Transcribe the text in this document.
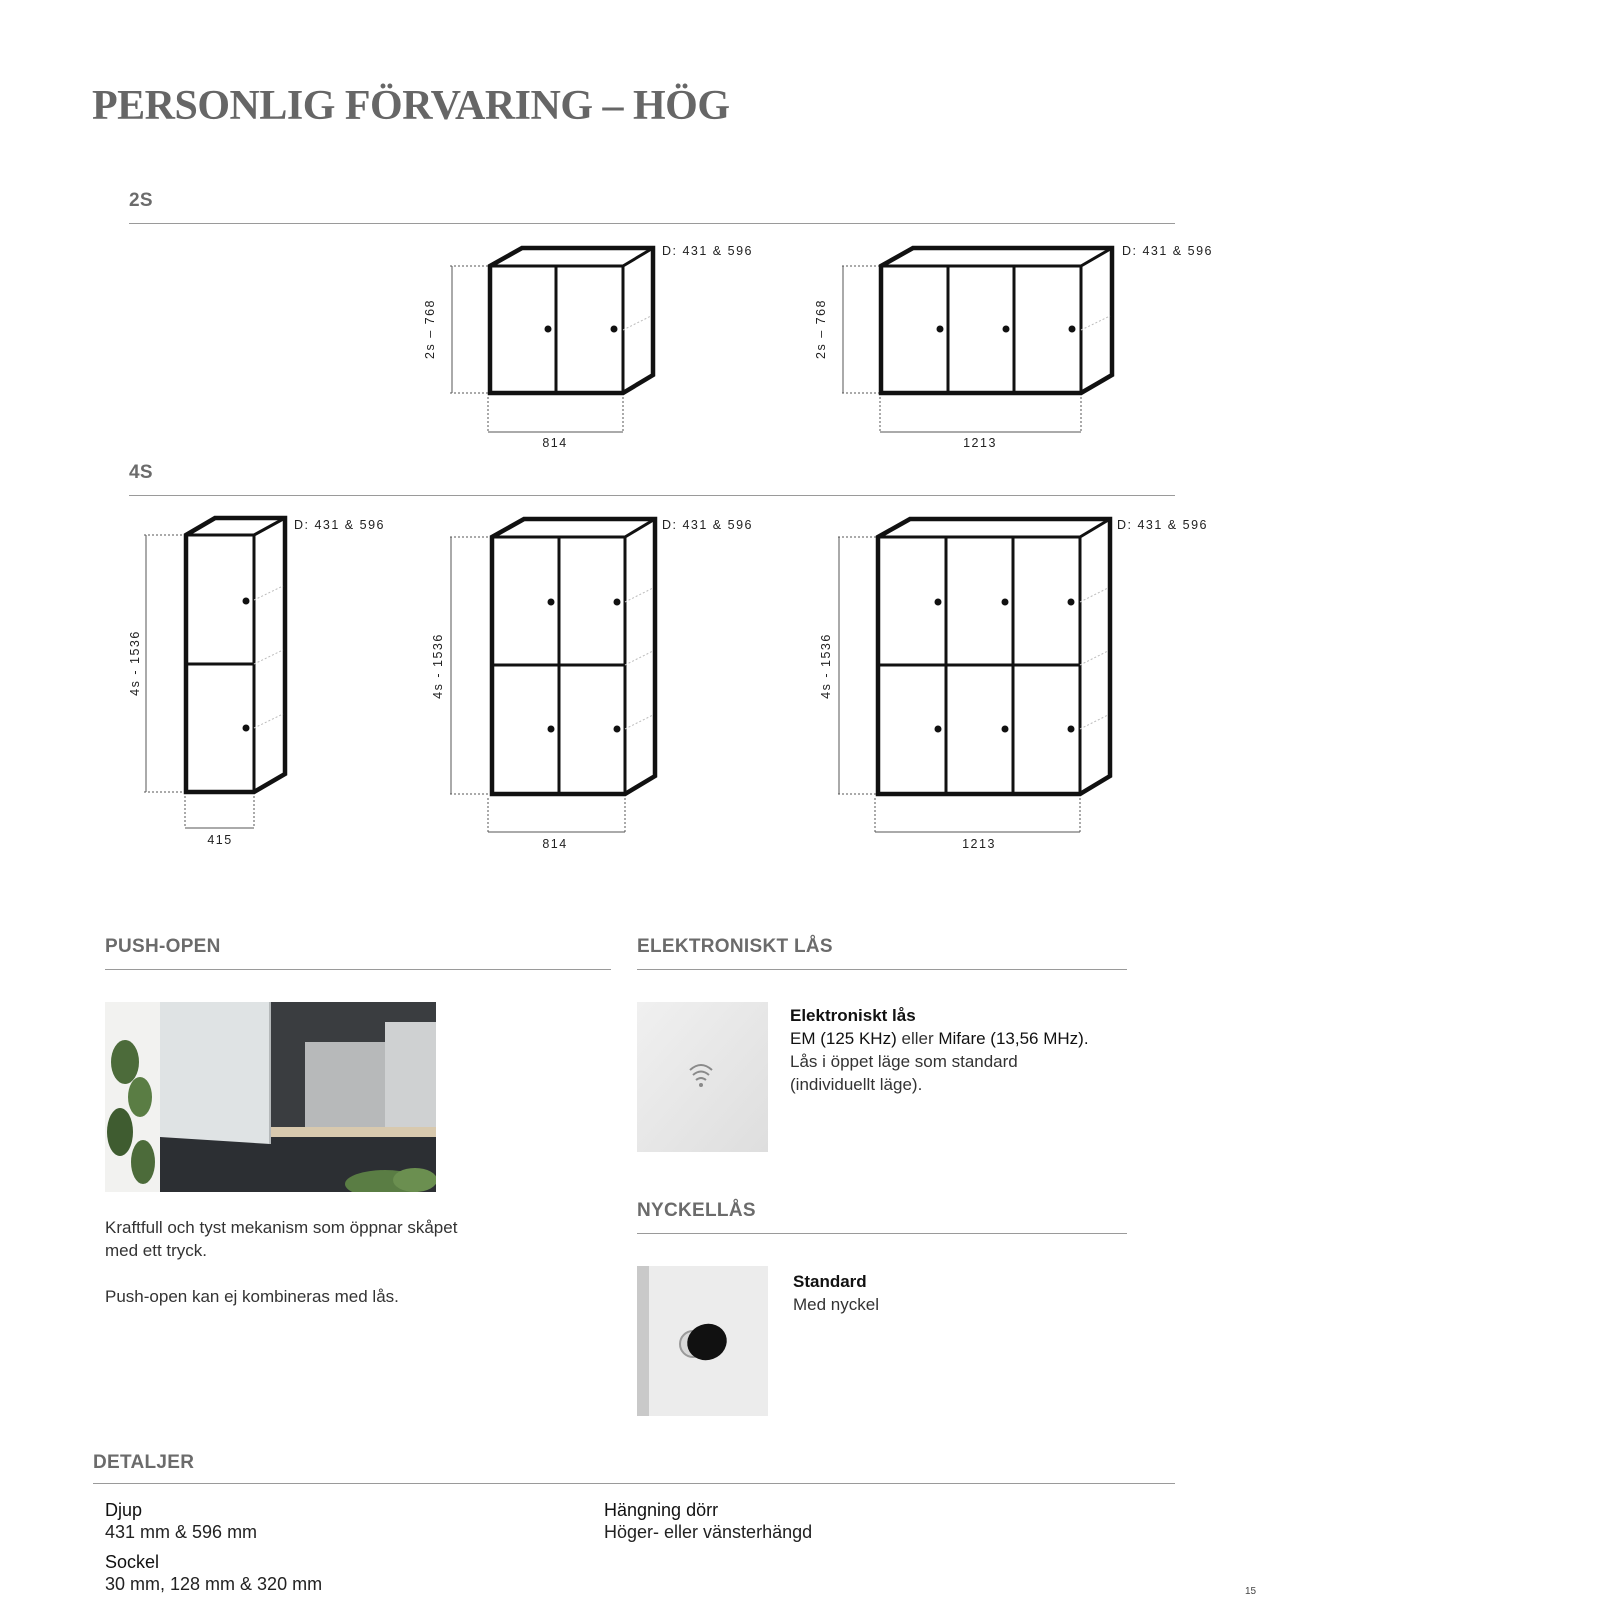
PERSONLIG FÖRVARING – HÖG
2S
D: 431 & 596
2s – 768
814
D: 431 & 596
2s – 768
1213
4S
D: 431 & 596
4s - 1536
415
D: 431 & 596
4s - 1536
814
D: 431 & 596
4s - 1536
1213
PUSH-OPEN
Kraftfull och tyst mekanism som öppnar skåpet med ett tryck.
Push-open kan ej kombineras med lås.
ELEKTRONISKT LÅS
Elektroniskt lås
EM (125 KHz) eller Mifare (13,56 MHz).
Lås i öppet läge som standard (individuellt läge).
NYCKELLÅS
Standard
Med nyckel
DETALJER
Djup
431 mm & 596 mm
Sockel
30 mm, 128 mm & 320 mm
Hängning dörr
Höger- eller vänsterhängd
15
